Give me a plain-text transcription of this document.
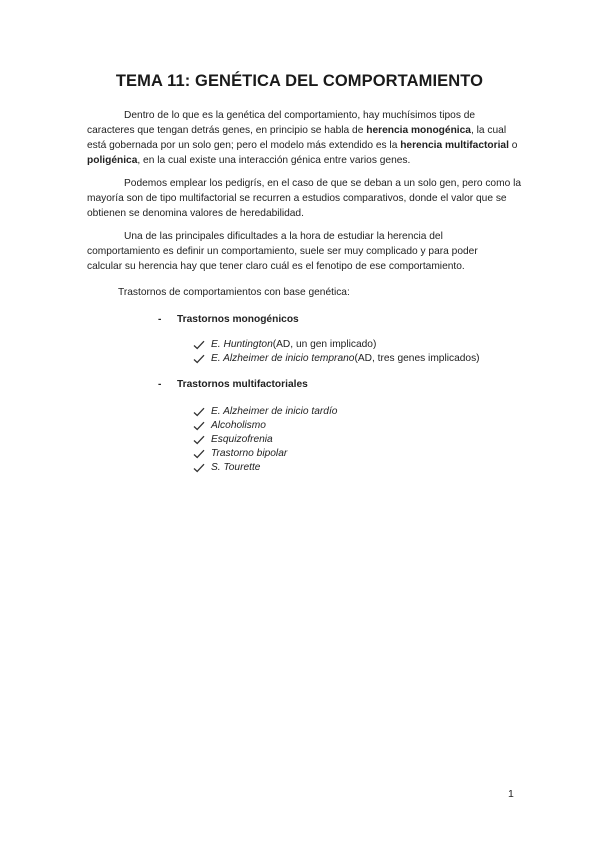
TEMA 11: GENÉTICA DEL COMPORTAMIENTO

Dentro de lo que es la genética del comportamiento, hay muchísimos tipos de
caracteres que tengan detrás genes, en principio se habla de herencia monogénica, la cual
está gobernada por un solo gen; pero el modelo más extendido es la herencia multifactorial o
poligénica, en la cual existe una interacción génica entre varios genes.

Podemos emplear los pedigrís, en el caso de que se deban a un solo gen, pero como la
mayoría son de tipo multifactorial se recurren a estudios comparativos, donde el valor que se
obtienen se denomina valores de heredabilidad.

Una de las principales dificultades a la hora de estudiar la herencia del
comportamiento es definir un comportamiento, suele ser muy complicado y para poder
calcular su herencia hay que tener claro cuál es el fenotipo de ese comportamiento.

Trastornos de comportamientos con base genética:
- Trastornos monogénicos
E. Huntington (AD, un gen implicado)
E. Alzheimer de inicio temprano (AD, tres genes implicados)
- Trastornos multifactoriales
E. Alzheimer de inicio tardío
Alcoholismo
Esquizofrenia
Trastorno bipolar
S. Tourette
1
